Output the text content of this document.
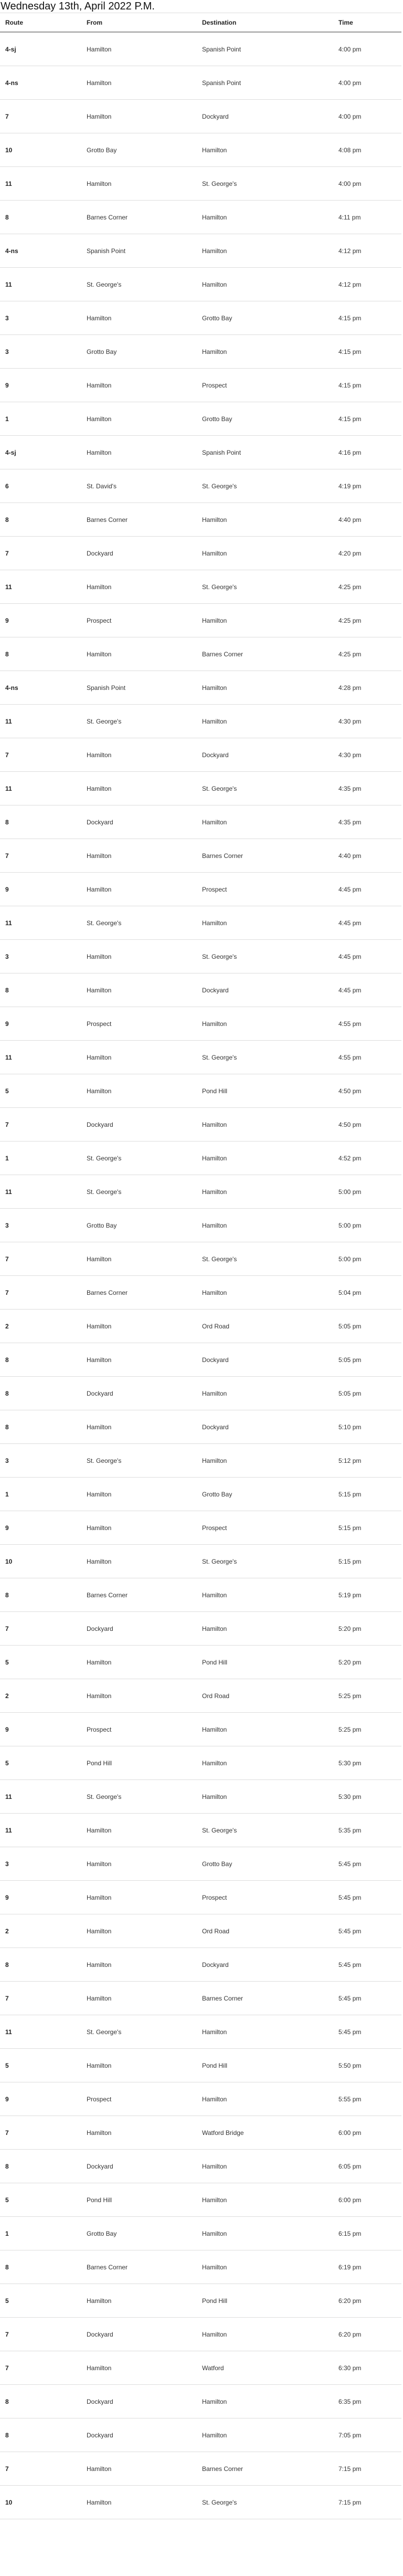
Wednesday 13th, April 2022 P.M.
Route	From	Destination	Time
4-sj	Hamilton	Spanish Point	4:00 pm
4-ns	Hamilton	Spanish Point	4:00 pm
7	Hamilton	Dockyard	4:00 pm
10	Grotto Bay	Hamilton	4:08 pm
11	Hamilton	St. George's	4:00 pm
8	Barnes Corner	Hamilton	4:11 pm
4-ns	Spanish Point	Hamilton	4:12 pm
11	St. George's	Hamilton	4:12 pm
3	Hamilton	Grotto Bay	4:15 pm
3	Grotto Bay	Hamilton	4:15 pm
9	Hamilton	Prospect	4:15 pm
1	Hamilton	Grotto Bay	4:15 pm
4-sj	Hamilton	Spanish Point	4:16 pm
6	St. David's	St. George's	4:19 pm
8	Barnes Corner	Hamilton	4:40 pm
7	Dockyard	Hamilton	4:20 pm
11	Hamilton	St. George's	4:25 pm
9	Prospect	Hamilton	4:25 pm
8	Hamilton	Barnes Corner	4:25 pm
4-ns	Spanish Point	Hamilton	4:28 pm
11	St. George's	Hamilton	4:30 pm
7	Hamilton	Dockyard	4:30 pm
11	Hamilton	St. George's	4:35 pm
8	Dockyard	Hamilton	4:35 pm
7	Hamilton	Barnes Corner	4:40 pm
9	Hamilton	Prospect	4:45 pm
11	St. George's	Hamilton	4:45 pm
3	Hamilton	St. George's	4:45 pm
8	Hamilton	Dockyard	4:45 pm
9	Prospect	Hamilton	4:55 pm
11	Hamilton	St. George's	4:55 pm
5	Hamilton	Pond Hill	4:50 pm
7	Dockyard	Hamilton	4:50 pm
1	St. George's	Hamilton	4:52 pm
11	St. George's	Hamilton	5:00 pm
3	Grotto Bay	Hamilton	5:00 pm
7	Hamilton	St. George's	5:00 pm
7	Barnes Corner	Hamilton	5:04 pm
2	Hamilton	Ord Road	5:05 pm
8	Hamilton	Dockyard	5:05 pm
8	Dockyard	Hamilton	5:05 pm
8	Hamilton	Dockyard	5:10 pm
3	St. George's	Hamilton	5:12 pm
1	Hamilton	Grotto Bay	5:15 pm
9	Hamilton	Prospect	5:15 pm
10	Hamilton	St. George's	5:15 pm
8	Barnes Corner	Hamilton	5:19 pm
7	Dockyard	Hamilton	5:20 pm
5	Hamilton	Pond Hill	5:20 pm
2	Hamilton	Ord Road	5:25 pm
9	Prospect	Hamilton	5:25 pm
5	Pond Hill	Hamilton	5:30 pm
11	St. George's	Hamilton	5:30 pm
11	Hamilton	St. George's	5:35 pm
3	Hamilton	Grotto Bay	5:45 pm
9	Hamilton	Prospect	5:45 pm
2	Hamilton	Ord Road	5:45 pm
8	Hamilton	Dockyard	5:45 pm
7	Hamilton	Barnes Corner	5:45 pm
11	St. George's	Hamilton	5:45 pm
5	Hamilton	Pond Hill	5:50 pm
9	Prospect	Hamilton	5:55 pm
7	Hamilton	Watford Bridge	6:00 pm
8	Dockyard	Hamilton	6:05 pm
5	Pond Hill	Hamilton	6:00 pm
1	Grotto Bay	Hamilton	6:15 pm
8	Barnes Corner	Hamilton	6:19 pm
5	Hamilton	Pond Hill	6:20 pm
7	Dockyard	Hamilton	6:20 pm
7	Hamilton	Watford	6:30 pm
8	Dockyard	Hamilton	6:35 pm
8	Dockyard	Hamilton	7:05 pm
7	Hamilton	Barnes Corner	7:15 pm
10	Hamilton	St. George's	7:15 pm
